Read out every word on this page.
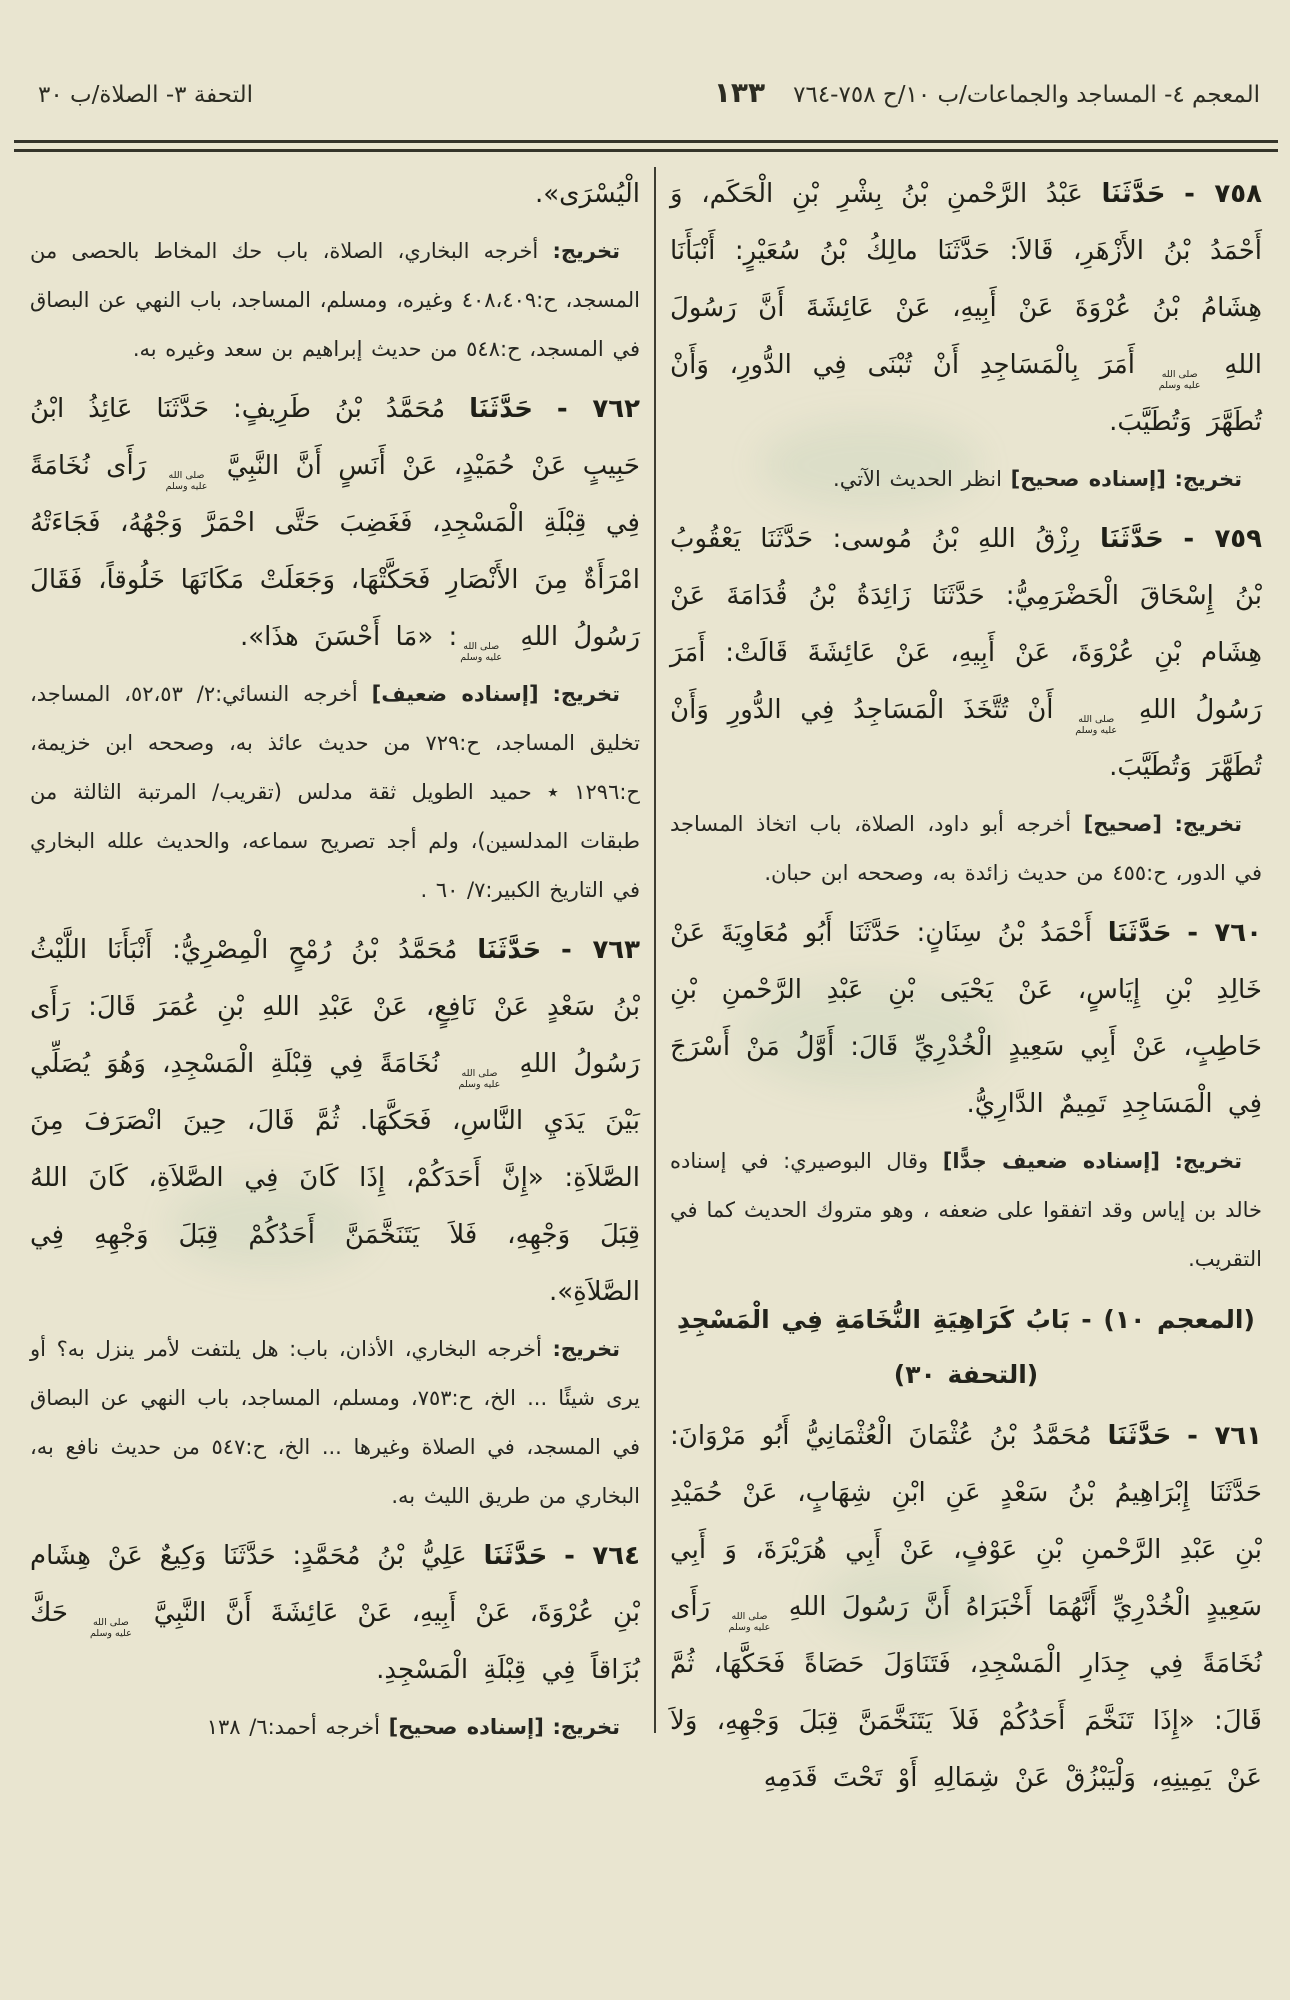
المعجم ٤- المساجد والجماعات/ب ١٠/ح ٧٥٨-٧٦٤
١٣٣
التحفة ٣- الصلاة/ب ٣٠

٧٥٨ - حَدَّثَنَا عَبْدُ الرَّحْمنِ بْنُ بِشْرِ بْنِ الْحَكَم، وَ أَحْمَدُ بْنُ الأَزْهَرِ، قَالاَ: حَدَّثَنَا مالِكُ بْنُ سُعَيْرٍ: أَنْبَأَنَا هِشَامُ بْنُ عُرْوَةَ عَنْ أَبِيهِ، عَنْ عَائِشَةَ أَنَّ رَسُولَ اللهِ
صلى الله
عليه وسلم
أَمَرَ بِالْمَسَاجِدِ أَنْ تُبْنَى فِي الدُّورِ، وَأَنْ تُطَهَّرَ وَتُطَيَّبَ.

تخريج: [إسناده صحيح] انظر الحديث الآتي.

٧٥٩ - حَدَّثَنَا رِزْقُ اللهِ بْنُ مُوسى: حَدَّثَنَا يَعْقُوبُ بْنُ إِسْحَاقَ الْحَضْرَمِيُّ: حَدَّثَنَا زَائِدَةُ بْنُ قُدَامَةَ عَنْ هِشَام بْنِ عُرْوَةَ، عَنْ أَبِيهِ، عَنْ عَائِشَةَ قَالَتْ: أَمَرَ رَسُولُ اللهِ
صلى الله
عليه وسلم
أَنْ تُتَّخَذَ الْمَسَاجِدُ فِي الدُّورِ وَأَنْ تُطَهَّرَ وَتُطَيَّبَ.

تخريج: [صحيح] أخرجه أبو داود، الصلاة، باب اتخاذ المساجد في الدور، ح:٤٥٥ من حديث زائدة به، وصححه ابن حبان.

٧٦٠ - حَدَّثَنَا أَحْمَدُ بْنُ سِنَانٍ: حَدَّثَنَا أَبُو مُعَاوِيَةَ عَنْ خَالِدِ بْنِ إِيَاسٍ، عَنْ يَحْيَى بْنِ عَبْدِ الرَّحْمنِ بْنِ حَاطِبٍ، عَنْ أَبِي سَعِيدٍ الْخُدْرِيِّ قَالَ: أَوَّلُ مَنْ أَسْرَجَ فِي الْمَسَاجِدِ تَمِيمٌ الدَّارِيُّ.

تخريج: [إسناده ضعيف جدًّا] وقال البوصيري: في إسناده خالد بن إياس وقد اتفقوا على ضعفه ، وهو متروك الحديث كما في التقريب.

(المعجم ١٠) - بَابُ كَرَاهِيَةِ النُّخَامَةِ فِي الْمَسْجِدِ (التحفة ٣٠)

٧٦١ - حَدَّثَنَا مُحَمَّدُ بْنُ عُثْمَانَ الْعُثْمَانِيُّ أَبُو مَرْوَانَ: حَدَّثَنَا إِبْرَاهِيمُ بْنُ سَعْدٍ عَنِ ابْنِ شِهَابٍ، عَنْ حُمَيْدِ بْنِ عَبْدِ الرَّحْمنِ بْنِ عَوْفٍ، عَنْ أَبِي هُرَيْرَةَ، وَ أَبِي سَعِيدٍ الْخُدْرِيِّ أَنَّهُمَا أَخْبَرَاهُ أَنَّ رَسُولَ اللهِ
صلى الله
عليه وسلم
رَأَى نُخَامَةً فِي جِدَارِ الْمَسْجِدِ، فَتَنَاوَلَ حَصَاةً فَحَكَّهَا، ثُمَّ قَالَ: «إِذَا تَنَخَّمَ أَحَدُكُمْ فَلاَ يَتَنَخَّمَنَّ قِبَلَ وَجْهِهِ، وَلاَ عَنْ يَمِينِهِ، وَلْيَبْزُقْ عَنْ شِمَالِهِ أَوْ تَحْتَ قَدَمِهِ

الْيُسْرَى».

تخريج: أخرجه البخاري، الصلاة، باب حك المخاط بالحصى من المسجد، ح:٤٠٨،٤٠٩ وغيره، ومسلم، المساجد، باب النهي عن البصاق في المسجد، ح:٥٤٨ من حديث إبراهيم بن سعد وغيره به.

٧٦٢ - حَدَّثَنَا مُحَمَّدُ بْنُ طَرِيفٍ: حَدَّثَنَا عَائِذُ ابْنُ حَبِيبٍ عَنْ حُمَيْدٍ، عَنْ أَنَسٍ أَنَّ النَّبِيَّ
صلى الله
عليه وسلم
رَأَى نُخَامَةً فِي قِبْلَةِ الْمَسْجِدِ، فَغَضِبَ حَتَّى احْمَرَّ وَجْهُهُ، فَجَاءَتْهُ امْرَأَةٌ مِنَ الأَنْصَارِ فَحَكَّتْهَا، وَجَعَلَتْ مَكَانَهَا خَلُوقاً، فَقَالَ رَسُولُ اللهِ
صلى الله
عليه وسلم
: «مَا أَحْسَنَ هذَا».

تخريج: [إسناده ضعيف] أخرجه النسائي:٢/ ٥٢،٥٣، المساجد، تخليق المساجد، ح:٧٢٩ من حديث عائذ به، وصححه ابن خزيمة، ح:١٢٩٦ ٭ حميد الطويل ثقة مدلس (تقريب/ المرتبة الثالثة من طبقات المدلسين)، ولم أجد تصريح سماعه، والحديث علله البخاري في التاريخ الكبير:٧/ ٦٠ .

٧٦٣ - حَدَّثَنَا مُحَمَّدُ بْنُ رُمْحٍ الْمِصْرِيُّ: أَنْبَأَنَا اللَّيْثُ بْنُ سَعْدٍ عَنْ نَافِعٍ، عَنْ عَبْدِ اللهِ بْنِ عُمَرَ قَالَ: رَأَى رَسُولُ اللهِ
صلى الله
عليه وسلم
نُخَامَةً فِي قِبْلَةِ الْمَسْجِدِ، وَهُوَ يُصَلِّي بَيْنَ يَدَيِ النَّاسِ، فَحَكَّهَا. ثُمَّ قَالَ، حِينَ انْصَرَفَ مِنَ الصَّلاَةِ: «إِنَّ أَحَدَكُمْ، إِذَا كَانَ فِي الصَّلاَةِ، كَانَ اللهُ قِبَلَ وَجْهِهِ، فَلاَ يَتَنَخَّمَنَّ أَحَدُكُمْ قِبَلَ وَجْهِهِ فِي الصَّلاَةِ».

تخريج: أخرجه البخاري، الأذان، باب: هل يلتفت لأمر ينزل به؟ أو يرى شيئًا ... الخ، ح:٧٥٣، ومسلم، المساجد، باب النهي عن البصاق في المسجد، في الصلاة وغيرها ... الخ، ح:٥٤٧ من حديث نافع به، البخاري من طريق الليث به.

٧٦٤ - حَدَّثَنَا عَلِيُّ بْنُ مُحَمَّدٍ: حَدَّثَنَا وَكِيعٌ عَنْ هِشَام بْنِ عُرْوَةَ، عَنْ أَبِيهِ، عَنْ عَائِشَةَ أَنَّ النَّبِيَّ
صلى الله
عليه وسلم
حَكَّ بُزَاقاً فِي قِبْلَةِ الْمَسْجِدِ.

تخريج: [إسناده صحيح] أخرجه أحمد:٦/ ١٣٨
